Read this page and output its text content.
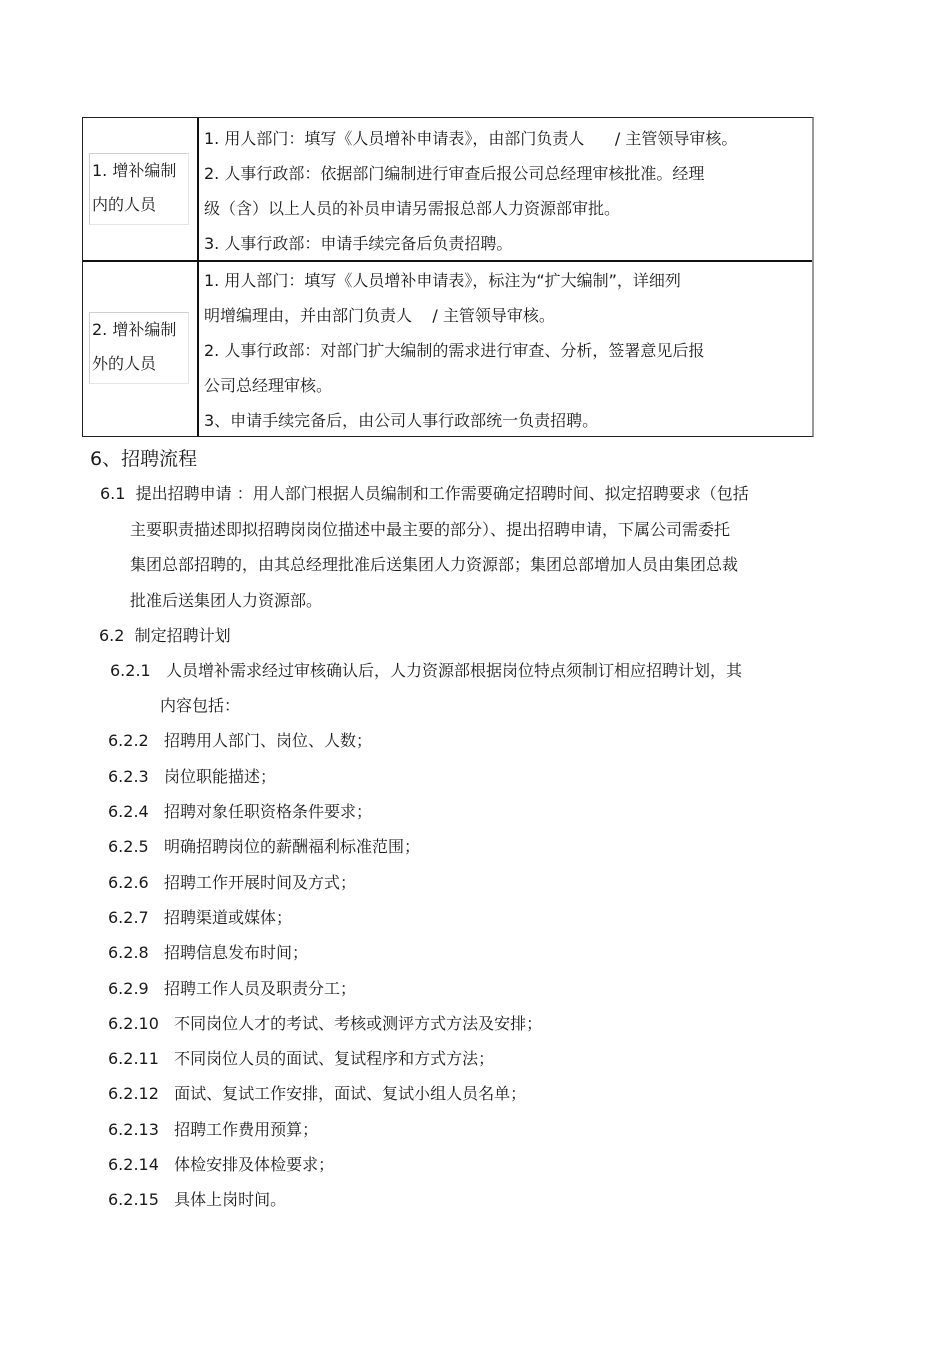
1. 增补编制
内的人员
1. 用人部门：填写《人员增补申请表》，由部门负责人      / 主管领导审核。
2. 人事行政部：依据部门编制进行审查后报公司总经理审核批准。经理
级（含）以上人员的补员申请另需报总部人力资源部审批。
3. 人事行政部：申请手续完备后负责招聘。
2. 增补编制
外的人员
1. 用人部门：填写《人员增补申请表》，标注为“扩大编制”，详细列
明增编理由，并由部门负责人    / 主管领导审核。
2. 人事行政部：对部门扩大编制的需求进行审查、分析，签署意见后报
公司总经理审核。
3、申请手续完备后，由公司人事行政部统一负责招聘。
6、招聘流程
6.1  提出招聘申请 ：用人部门根据人员编制和工作需要确定招聘时间、拟定招聘要求（包括
主要职责描述即拟招聘岗岗位描述中最主要的部分）、提出招聘申请，下属公司需委托
集团总部招聘的，由其总经理批准后送集团人力资源部；集团总部增加人员由集团总裁
批准后送集团人力资源部。
6.2  制定招聘计划
6.2.1   人员增补需求经过审核确认后，人力资源部根据岗位特点须制订相应招聘计划，其
内容包括：
6.2.2   招聘用人部门、岗位、人数；
6.2.3   岗位职能描述；
6.2.4   招聘对象任职资格条件要求；
6.2.5   明确招聘岗位的薪酬福利标准范围；
6.2.6   招聘工作开展时间及方式；
6.2.7   招聘渠道或媒体；
6.2.8   招聘信息发布时间；
6.2.9   招聘工作人员及职责分工；
6.2.10   不同岗位人才的考试、考核或测评方式方法及安排；
6.2.11   不同岗位人员的面试、复试程序和方式方法；
6.2.12   面试、复试工作安排，面试、复试小组人员名单；
6.2.13   招聘工作费用预算；
6.2.14   体检安排及体检要求；
6.2.15   具体上岗时间。
